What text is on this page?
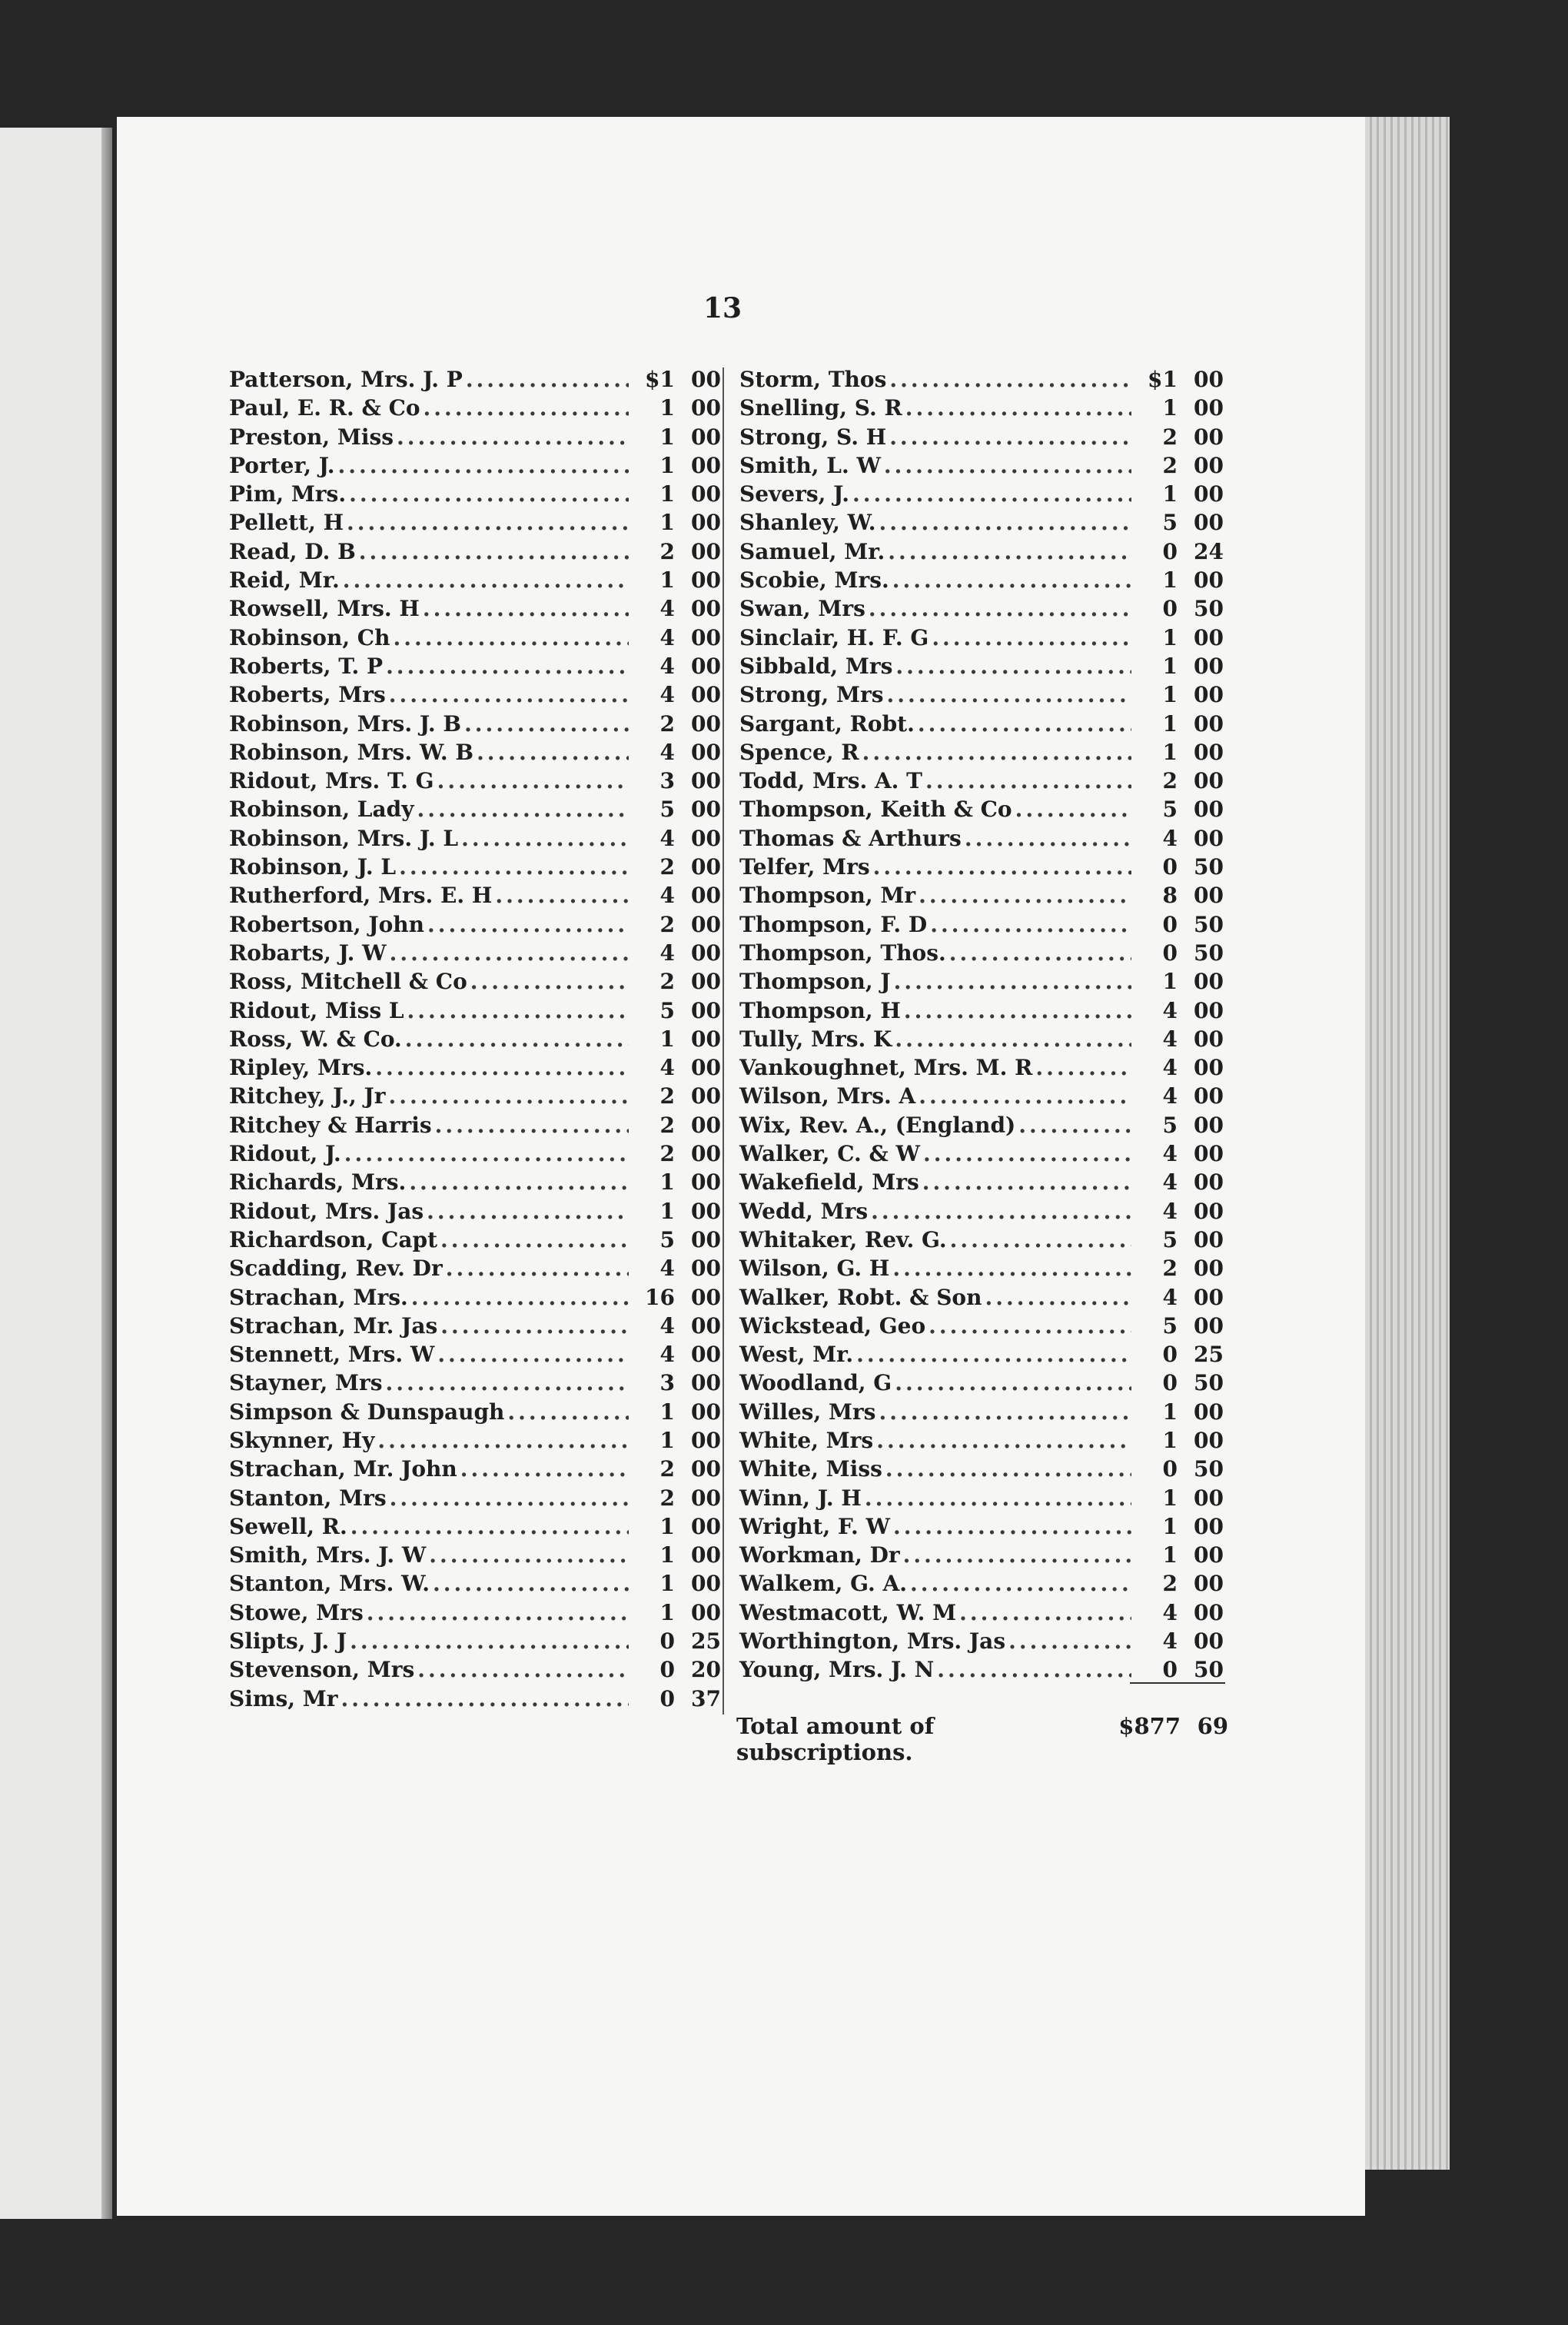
13
Patterson, Mrs. J. P .....	$1 00
Paul, E. R. & Co .....	1 00
Preston, Miss .....	1 00
Porter, J. .....	1 00
Pim, Mrs. .....	1 00
Pellett, H .....	1 00
Read, D. B .....	2 00
Reid, Mr. .....	1 00
Rowsell, Mrs. H .....	4 00
Robinson, Ch .....	4 00
Roberts, T. P .....	4 00
Roberts, Mrs .....	4 00
Robinson, Mrs. J. B .....	2 00
Robinson, Mrs. W. B .....	4 00
Ridout, Mrs. T. G .....	3 00
Robinson, Lady .....	5 00
Robinson, Mrs. J. L .....	4 00
Robinson, J. L .....	2 00
Rutherford, Mrs. E. H .....	4 00
Robertson, John .....	2 00
Robarts, J. W .....	4 00
Ross, Mitchell & Co .....	2 00
Ridout, Miss L .....	5 00
Ross, W. & Co. .....	1 00
Ripley, Mrs. .....	4 00
Ritchey, J., Jr .....	2 00
Ritchey & Harris .....	2 00
Ridout, J. .....	2 00
Richards, Mrs. .....	1 00
Ridout, Mrs. Jas .....	1 00
Richardson, Capt .....	5 00
Scadding, Rev. Dr .....	4 00
Strachan, Mrs. .....	16 00
Strachan, Mr. Jas .....	4 00
Stennett, Mrs. W .....	4 00
Stayner, Mrs .....	3 00
Simpson & Dunspaugh .....	1 00
Skynner, Hy .....	1 00
Strachan, Mr. John .....	2 00
Stanton, Mrs .....	2 00
Sewell, R. .....	1 00
Smith, Mrs. J. W .....	1 00
Stanton, Mrs. W. .....	1 00
Stowe, Mrs .....	1 00
Slipts, J. J .....	0 25
Stevenson, Mrs .....	0 20
Sims, Mr .....	0 37
Storm, Thos .....	$1 00
Snelling, S. R .....	1 00
Strong, S. H .....	2 00
Smith, L. W .....	2 00
Severs, J. .....	1 00
Shanley, W. .....	5 00
Samuel, Mr. .....	0 24
Scobie, Mrs. .....	1 00
Swan, Mrs .....	0 50
Sinclair, H. F. G .....	1 00
Sibbald, Mrs .....	1 00
Strong, Mrs .....	1 00
Sargant, Robt. .....	1 00
Spence, R .....	1 00
Todd, Mrs. A. T .....	2 00
Thompson, Keith & Co .....	5 00
Thomas & Arthurs .....	4 00
Telfer, Mrs .....	0 50
Thompson, Mr .....	8 00
Thompson, F. D .....	0 50
Thompson, Thos. .....	0 50
Thompson, J .....	1 00
Thompson, H .....	4 00
Tully, Mrs. K .....	4 00
Vankoughnet, Mrs. M. R .....	4 00
Wilson, Mrs. A .....	4 00
Wix, Rev. A., (England) .....	5 00
Walker, C. & W .....	4 00
Wakefield, Mrs .....	4 00
Wedd, Mrs .....	4 00
Whitaker, Rev. G. .....	5 00
Wilson, G. H .....	2 00
Walker, Robt. & Son .....	4 00
Wickstead, Geo .....	5 00
West, Mr. .....	0 25
Woodland, G .....	0 50
Willes, Mrs .....	1 00
White, Mrs .....	1 00
White, Miss .....	0 50
Winn, J. H .....	1 00
Wright, F. W .....	1 00
Workman, Dr .....	1 00
Walkem, G. A. .....	2 00
Westmacott, W. M .....	4 00
Worthington, Mrs. Jas .....	4 00
Young, Mrs. J. N .....	0 50
Total amount of subscriptions.
$877 69
